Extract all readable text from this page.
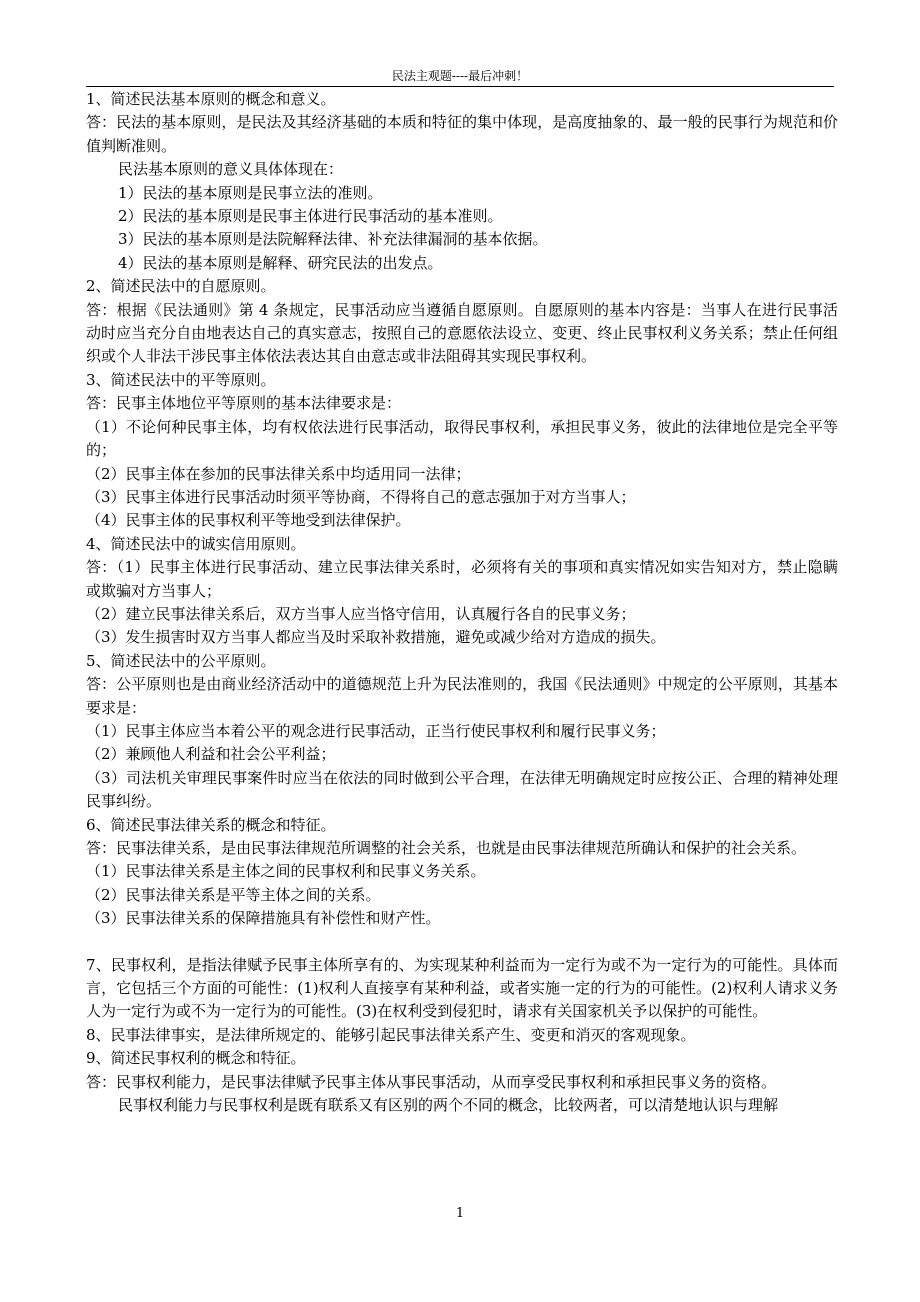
民法主观题----最后冲刺！

1、简述民法基本原则的概念和意义。

答：民法的基本原则，是民法及其经济基础的本质和特征的集中体现，是高度抽象的、最一般的民事行为规范和价值判断准则。

民法基本原则的意义具体体现在：

1）民法的基本原则是民事立法的准则。

2）民法的基本原则是民事主体进行民事活动的基本准则。

3）民法的基本原则是法院解释法律、补充法律漏洞的基本依据。

4）民法的基本原则是解释、研究民法的出发点。

2、简述民法中的自愿原则。

答：根据《民法通则》第 4 条规定，民事活动应当遵循自愿原则。自愿原则的基本内容是：当事人在进行民事活动时应当充分自由地表达自己的真实意志，按照自己的意愿依法设立、变更、终止民事权利义务关系；禁止任何组织或个人非法干涉民事主体依法表达其自由意志或非法阻碍其实现民事权利。

3、简述民法中的平等原则。

答：民事主体地位平等原则的基本法律要求是：

（1）不论何种民事主体，均有权依法进行民事活动，取得民事权利，承担民事义务，彼此的法律地位是完全平等的；

（2）民事主体在参加的民事法律关系中均适用同一法律；

（3）民事主体进行民事活动时须平等协商，不得将自己的意志强加于对方当事人；

（4）民事主体的民事权利平等地受到法律保护。

4、简述民法中的诚实信用原则。

答：（1）民事主体进行民事活动、建立民事法律关系时，必须将有关的事项和真实情况如实告知对方，禁止隐瞒或欺骗对方当事人；

（2）建立民事法律关系后，双方当事人应当恪守信用，认真履行各自的民事义务；

（3）发生损害时双方当事人都应当及时采取补救措施，避免或减少给对方造成的损失。

5、简述民法中的公平原则。

答：公平原则也是由商业经济活动中的道德规范上升为民法准则的，我国《民法通则》中规定的公平原则，其基本要求是：

（1）民事主体应当本着公平的观念进行民事活动，正当行使民事权利和履行民事义务；

（2）兼顾他人利益和社会公平利益；

（3）司法机关审理民事案件时应当在依法的同时做到公平合理，在法律无明确规定时应按公正、合理的精神处理民事纠纷。

6、简述民事法律关系的概念和特征。

答：民事法律关系，是由民事法律规范所调整的社会关系，也就是由民事法律规范所确认和保护的社会关系。

（1）民事法律关系是主体之间的民事权利和民事义务关系。

（2）民事法律关系是平等主体之间的关系。

（3）民事法律关系的保障措施具有补偿性和财产性。

7、民事权利，是指法律赋予民事主体所享有的、为实现某种利益而为一定行为或不为一定行为的可能性。具体而言，它包括三个方面的可能性：(1)权利人直接享有某种利益，或者实施一定的行为的可能性。(2)权利人请求义务人为一定行为或不为一定行为的可能性。(3)在权利受到侵犯时，请求有关国家机关予以保护的可能性。

8、民事法律事实，是法律所规定的、能够引起民事法律关系产生、变更和消灭的客观现象。

9、简述民事权利的概念和特征。

答：民事权利能力，是民事法律赋予民事主体从事民事活动，从而享受民事权利和承担民事义务的资格。

民事权利能力与民事权利是既有联系又有区别的两个不同的概念，比较两者，可以清楚地认识与理解

1
